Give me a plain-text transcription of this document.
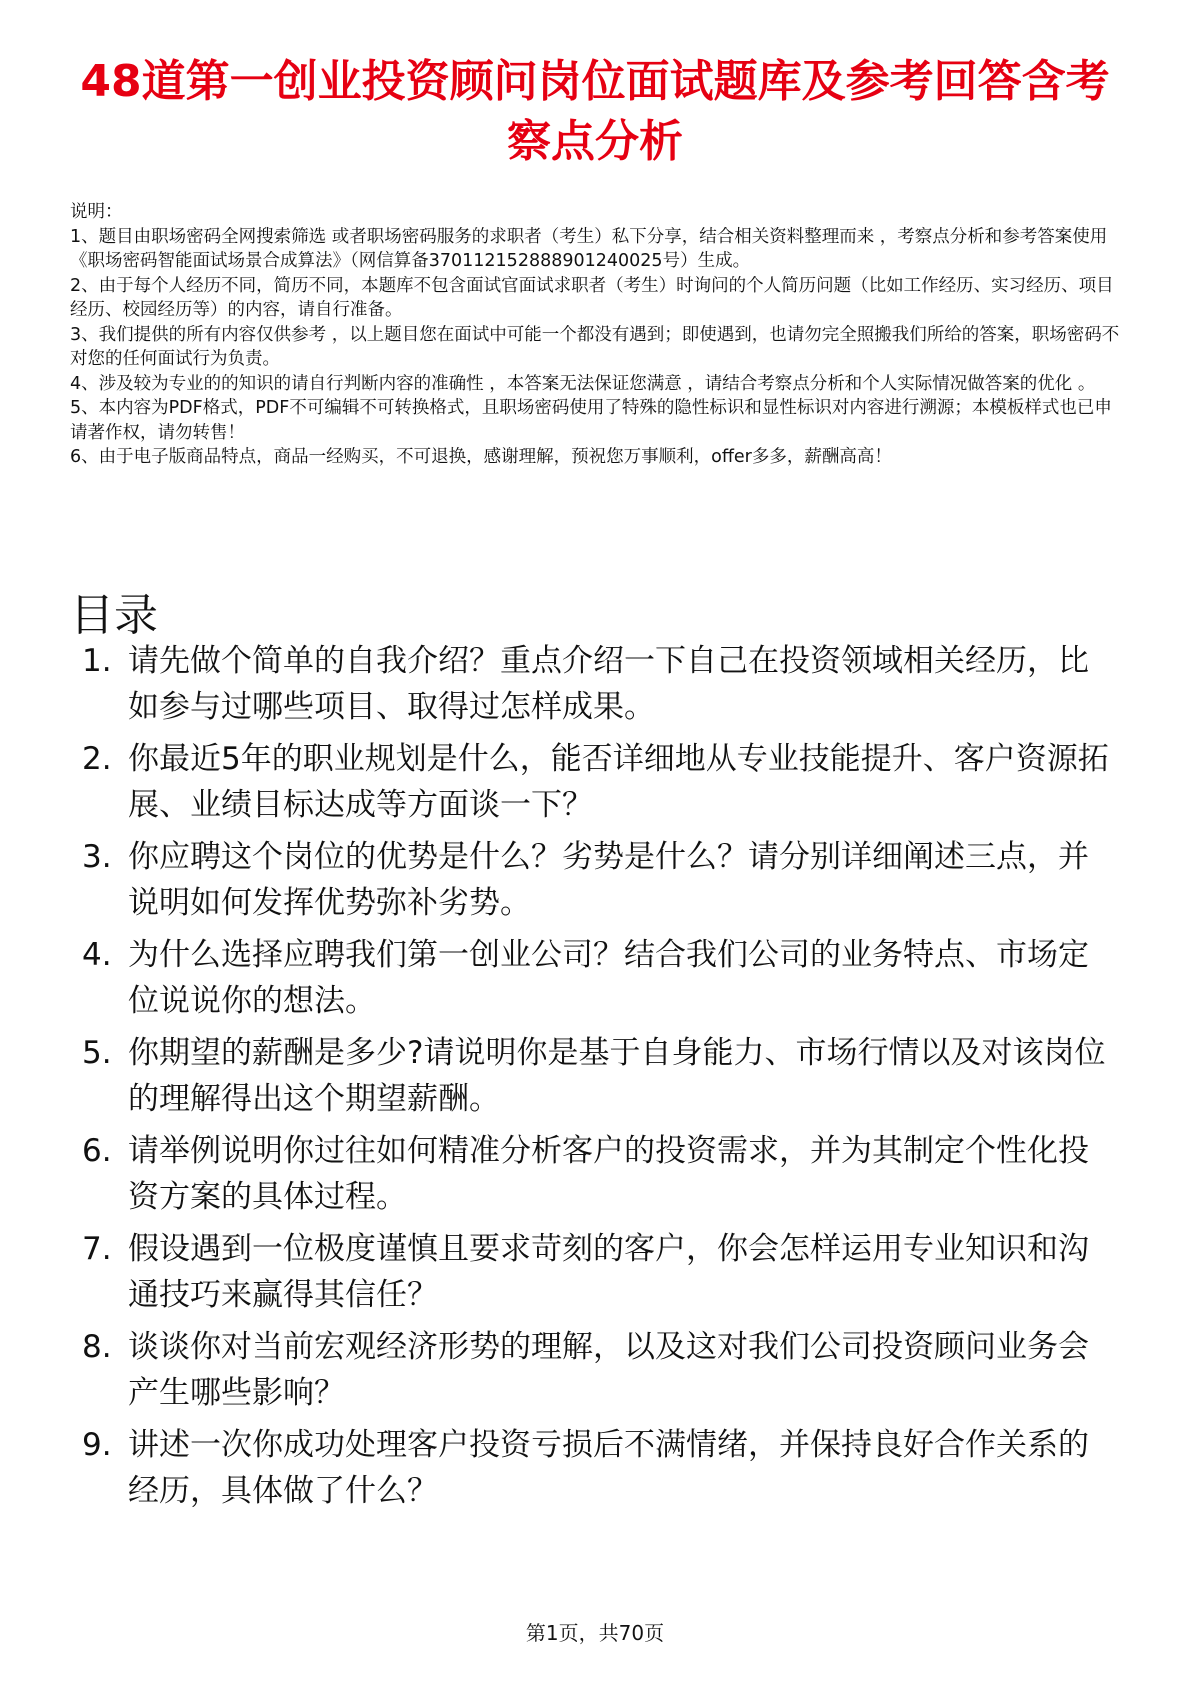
48道第一创业投资顾问岗位面试题库及参考回答含考察点分析

说明：

1、题目由职场密码全网搜索筛选 或者职场密码服务的求职者（考生）私下分享，结合相关资料整理而来 ，考察点分析和参考答案使用《职场密码智能面试场景合成算法》（网信算备370112152888901240025号）生成。

2、由于每个人经历不同，简历不同，本题库不包含面试官面试求职者（考生）时询问的个人简历问题（比如工作经历、实习经历、项目经历、校园经历等）的内容，请自行准备。

3、我们提供的所有内容仅供参考 ，以上题目您在面试中可能一个都没有遇到；即使遇到，也请勿完全照搬我们所给的答案，职场密码不对您的任何面试行为负责。

4、涉及较为专业的的知识的请自行判断内容的准确性 ，本答案无法保证您满意 ，请结合考察点分析和个人实际情况做答案的优化 。

5、本内容为PDF格式，PDF不可编辑不可转换格式，且职场密码使用了特殊的隐性标识和显性标识对内容进行溯源；本模板样式也已申请著作权，请勿转售！

6、由于电子版商品特点，商品一经购买，不可退换，感谢理解，预祝您万事顺利，offer多多，薪酬高高！

目录
1. 请先做个简单的自我介绍？重点介绍一下自己在投资领域相关经历，比如参与过哪些项目、取得过怎样成果。
2. 你最近5年的职业规划是什么，能否详细地从专业技能提升、客户资源拓展、业绩目标达成等方面谈一下？
3. 你应聘这个岗位的优势是什么？劣势是什么？请分别详细阐述三点，并说明如何发挥优势弥补劣势。
4. 为什么选择应聘我们第一创业公司？结合我们公司的业务特点、市场定位说说你的想法。
5. 你期望的薪酬是多少?请说明你是基于自身能力、市场行情以及对该岗位的理解得出这个期望薪酬。
6. 请举例说明你过往如何精准分析客户的投资需求，并为其制定个性化投资方案的具体过程。
7. 假设遇到一位极度谨慎且要求苛刻的客户，你会怎样运用专业知识和沟通技巧来赢得其信任？
8. 谈谈你对当前宏观经济形势的理解，以及这对我们公司投资顾问业务会产生哪些影响？
9. 讲述一次你成功处理客户投资亏损后不满情绪，并保持良好合作关系的经历，具体做了什么？
第1页，共70页
